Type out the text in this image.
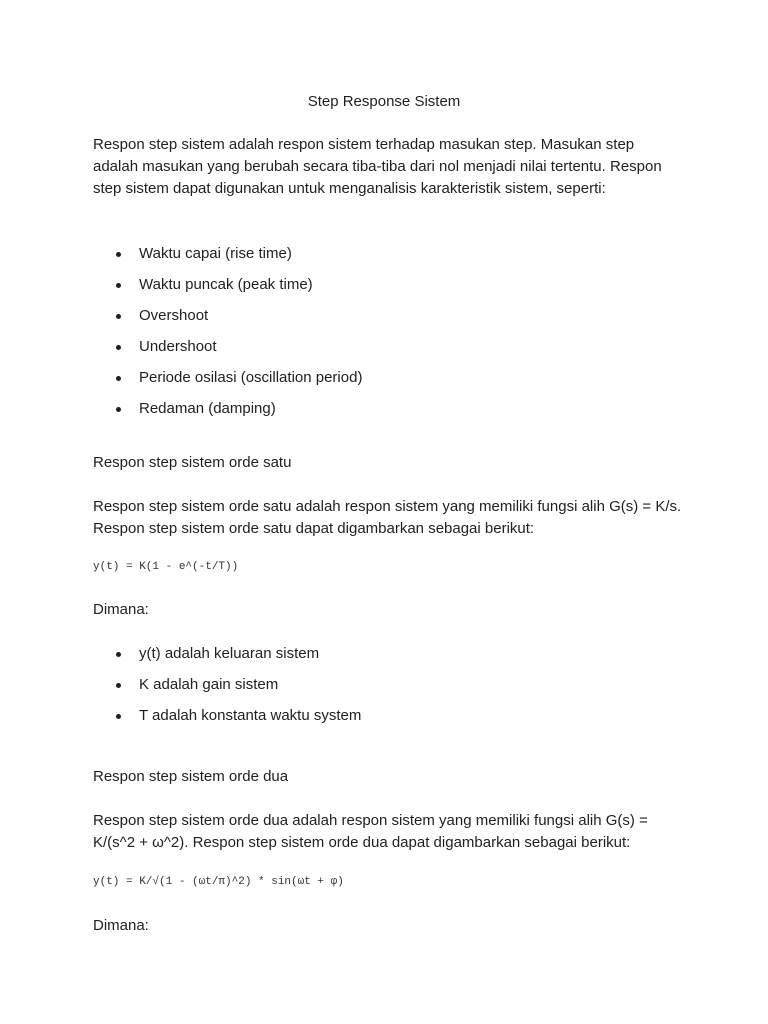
Step Response Sistem
Respon step sistem adalah respon sistem terhadap masukan step. Masukan step adalah masukan yang berubah secara tiba-tiba dari nol menjadi nilai tertentu. Respon step sistem dapat digunakan untuk menganalisis karakteristik sistem, seperti:
Waktu capai (rise time)
Waktu puncak (peak time)
Overshoot
Undershoot
Periode osilasi (oscillation period)
Redaman (damping)
Respon step sistem orde satu
Respon step sistem orde satu adalah respon sistem yang memiliki fungsi alih G(s) = K/s. Respon step sistem orde satu dapat digambarkan sebagai berikut:
y(t) = K(1 - e^(-t/T))
Dimana:
y(t) adalah keluaran sistem
K adalah gain sistem
T adalah konstanta waktu system
Respon step sistem orde dua
Respon step sistem orde dua adalah respon sistem yang memiliki fungsi alih G(s) = K/(s^2 + ω^2). Respon step sistem orde dua dapat digambarkan sebagai berikut:
y(t) = K/√(1 - (ωt/π)^2) * sin(ωt + φ)
Dimana:
